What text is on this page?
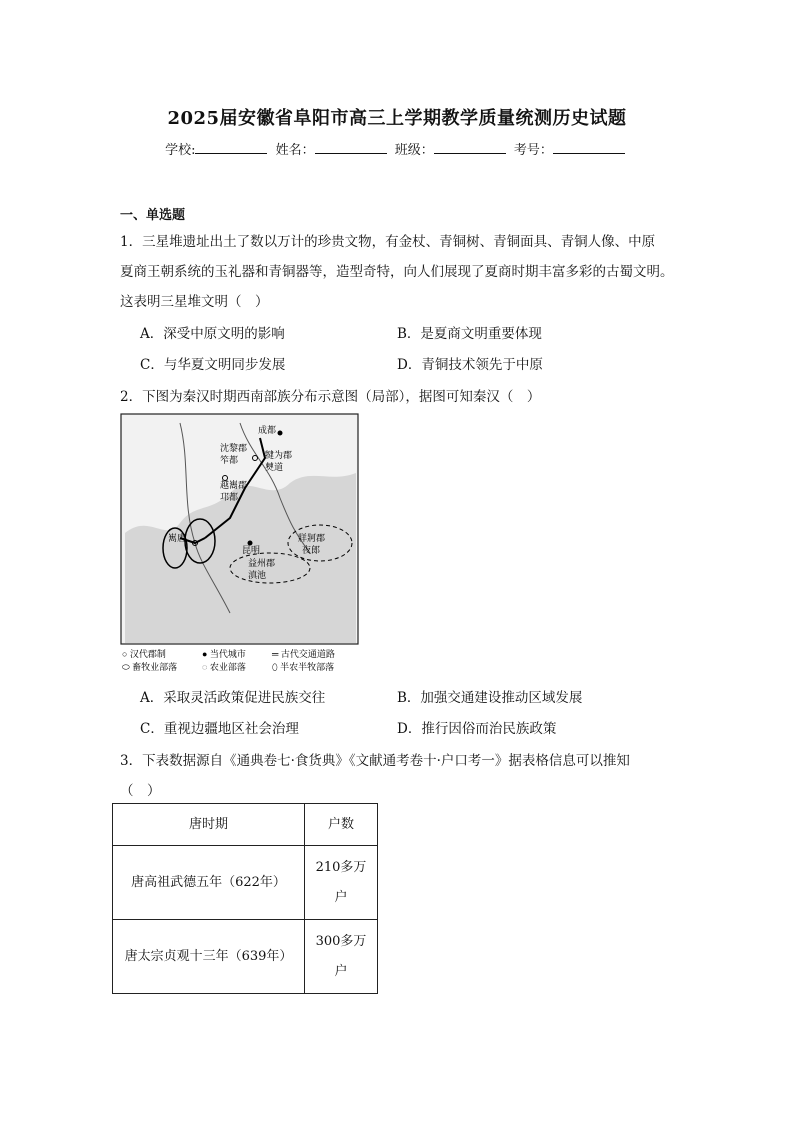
2025届安徽省阜阳市高三上学期教学质量统测历史试题
学校:	姓名：	班级：	考号：
一、单选题
1．三星堆遗址出土了数以万计的珍贵文物，有金杖、青铜树、青铜面具、青铜人像、中原
夏商王朝系统的玉礼器和青铜器等，造型奇特，向人们展现了夏商时期丰富多彩的古蜀文明。
这表明三星堆文明（　）
A．深受中原文明的影响	B．是夏商文明重要体现
C．与华夏文明同步发展	D．青铜技术领先于中原
2．下图为秦汉时期西南部族分布示意图（局部），据图可知秦汉（　）
成都
沈黎郡
笮都	犍为郡
僰道
越巂郡
邛都
昆明
牂牁郡
夜郎
益州郡
滇池
嶲唐
○ 汉代郡制	● 当代城市	═ 古代交通道路
⬭ 畜牧业部落	◌ 农业部落	⬯ 半农半牧部落
A．采取灵活政策促进民族交往	B．加强交通建设推动区域发展
C．重视边疆地区社会治理	D．推行因俗而治民族政策
3．下表数据源自《通典卷七·食货典》《文献通考卷十·户口考一》据表格信息可以推知
（　）
唐时期	户数
唐高祖武德五年（622年）	210多万
户

唐太宗贞观十三年（639年）	300多万
户
